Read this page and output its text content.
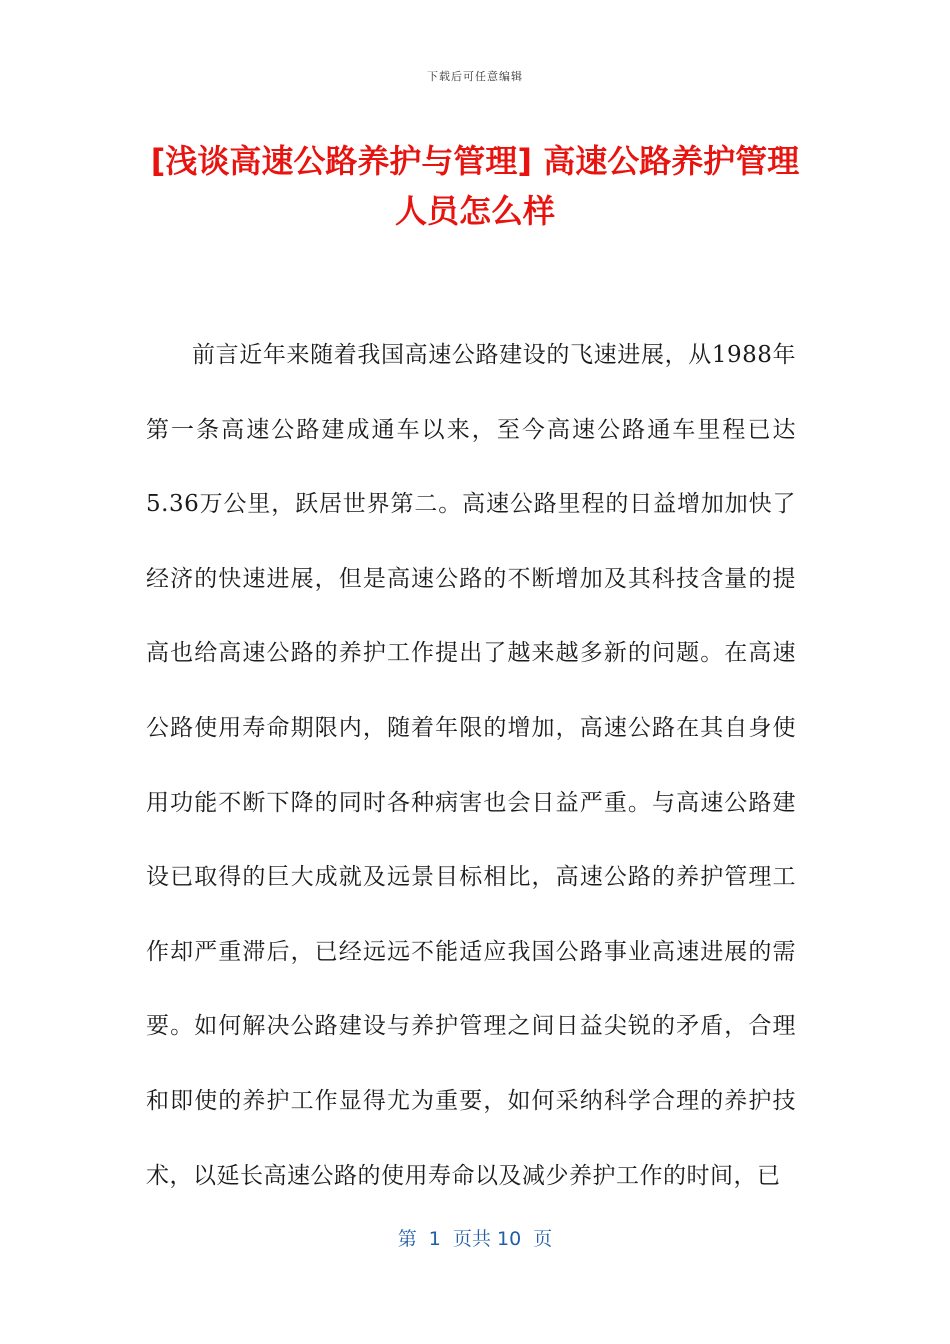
下载后可任意编辑
[浅谈高速公路养护与管理] 高速公路养护管理人员怎么样

前言近年来随着我国高速公路建设的飞速进展，从1988年第一条高速公路建成通车以来，至今高速公路通车里程已达5.36万公里，跃居世界第二。高速公路里程的日益增加加快了经济的快速进展，但是高速公路的不断增加及其科技含量的提高也给高速公路的养护工作提出了越来越多新的问题。在高速公路使用寿命期限内，随着年限的增加，高速公路在其自身使用功能不断下降的同时各种病害也会日益严重。与高速公路建设已取得的巨大成就及远景目标相比，高速公路的养护管理工作却严重滞后，已经远远不能适应我国公路事业高速进展的需要。如何解决公路建设与养护管理之间日益尖锐的矛盾，合理和即使的养护工作显得尤为重要，如何采纳科学合理的养护技术，以延长高速公路的使用寿命以及减少养护工作的时间，已

第  1  页共 10  页
